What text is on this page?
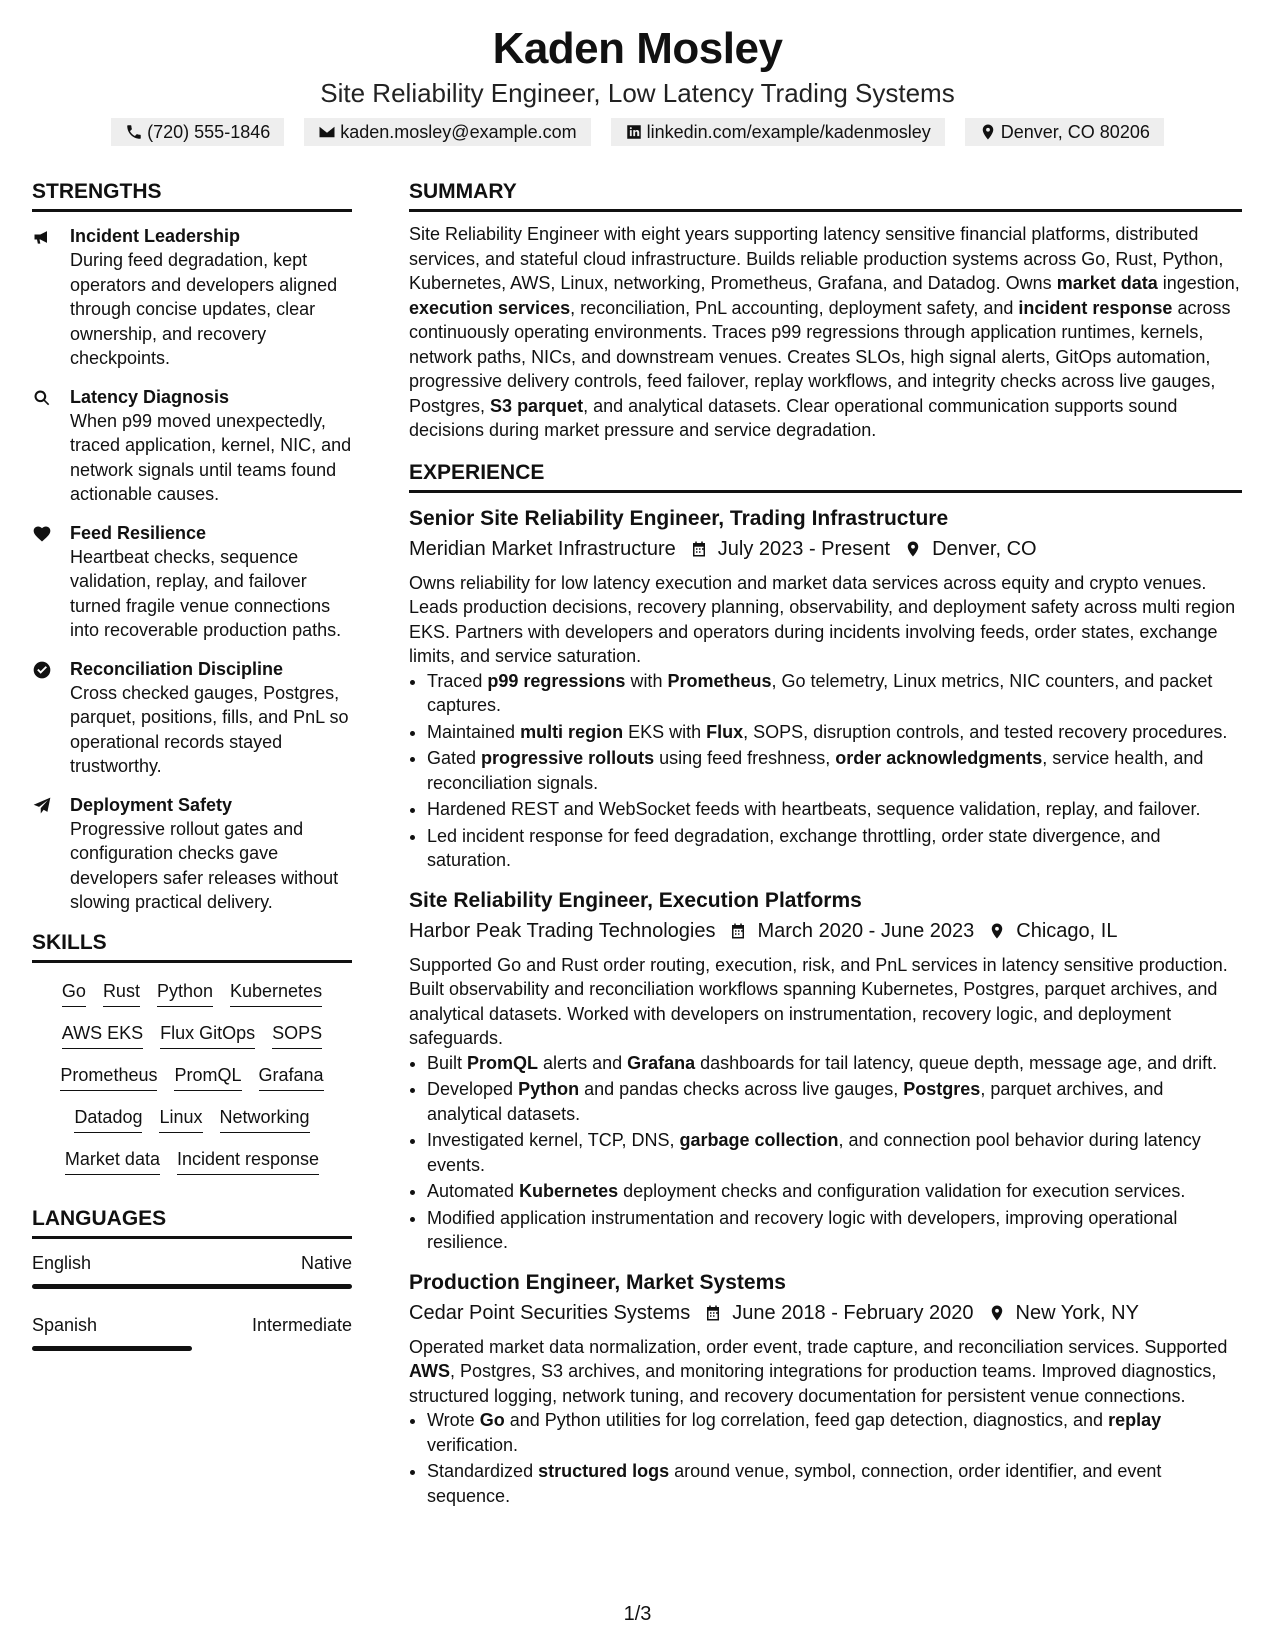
Kaden Mosley
Site Reliability Engineer, Low Latency Trading Systems
(720) 555-1846	kaden.mosley@example.com	linkedin.com/example/kadenmosley	Denver, CO 80206
STRENGTHS
Incident Leadership
During feed degradation, kept operators and developers aligned through concise updates, clear ownership, and recovery checkpoints.
Latency Diagnosis
When p99 moved unexpectedly, traced application, kernel, NIC, and network signals until teams found actionable causes.
Feed Resilience
Heartbeat checks, sequence validation, replay, and failover turned fragile venue connections into recoverable production paths.
Reconciliation Discipline
Cross checked gauges, Postgres, parquet, positions, fills, and PnL so operational records stayed trustworthy.
Deployment Safety
Progressive rollout gates and configuration checks gave developers safer releases without slowing practical delivery.
SKILLS
Go Rust Python Kubernetes
AWS EKS Flux GitOps SOPS
Prometheus PromQL Grafana
Datadog Linux Networking
Market data Incident response
LANGUAGES
English	Native
Spanish	Intermediate
SUMMARY
Site Reliability Engineer with eight years supporting latency sensitive financial platforms, distributed services, and stateful cloud infrastructure. Builds reliable production systems across Go, Rust, Python, Kubernetes, AWS, Linux, networking, Prometheus, Grafana, and Datadog. Owns market data ingestion, execution services, reconciliation, PnL accounting, deployment safety, and incident response across continuously operating environments. Traces p99 regressions through application runtimes, kernels, network paths, NICs, and downstream venues. Creates SLOs, high signal alerts, GitOps automation, progressive delivery controls, feed failover, replay workflows, and integrity checks across live gauges, Postgres, S3 parquet, and analytical datasets. Clear operational communication supports sound decisions during market pressure and service degradation.
EXPERIENCE
Senior Site Reliability Engineer, Trading Infrastructure
Meridian Market Infrastructure July 2023 - Present Denver, CO
Owns reliability for low latency execution and market data services across equity and crypto venues. Leads production decisions, recovery planning, observability, and deployment safety across multi region EKS. Partners with developers and operators during incidents involving feeds, order states, exchange limits, and service saturation.
• Traced p99 regressions with Prometheus, Go telemetry, Linux metrics, NIC counters, and packet captures.
• Maintained multi region EKS with Flux, SOPS, disruption controls, and tested recovery procedures.
• Gated progressive rollouts using feed freshness, order acknowledgments, service health, and reconciliation signals.
• Hardened REST and WebSocket feeds with heartbeats, sequence validation, replay, and failover.
• Led incident response for feed degradation, exchange throttling, order state divergence, and saturation.
Site Reliability Engineer, Execution Platforms
Harbor Peak Trading Technologies March 2020 - June 2023 Chicago, IL
Supported Go and Rust order routing, execution, risk, and PnL services in latency sensitive production. Built observability and reconciliation workflows spanning Kubernetes, Postgres, parquet archives, and analytical datasets. Worked with developers on instrumentation, recovery logic, and deployment safeguards.
• Built PromQL alerts and Grafana dashboards for tail latency, queue depth, message age, and drift.
• Developed Python and pandas checks across live gauges, Postgres, parquet archives, and analytical datasets.
• Investigated kernel, TCP, DNS, garbage collection, and connection pool behavior during latency events.
• Automated Kubernetes deployment checks and configuration validation for execution services.
• Modified application instrumentation and recovery logic with developers, improving operational resilience.
Production Engineer, Market Systems
Cedar Point Securities Systems June 2018 - February 2020 New York, NY
Operated market data normalization, order event, trade capture, and reconciliation services. Supported AWS, Postgres, S3 archives, and monitoring integrations for production teams. Improved diagnostics, structured logging, network tuning, and recovery documentation for persistent venue connections.
• Wrote Go and Python utilities for log correlation, feed gap detection, diagnostics, and replay verification.
• Standardized structured logs around venue, symbol, connection, order identifier, and event sequence.
1/3
